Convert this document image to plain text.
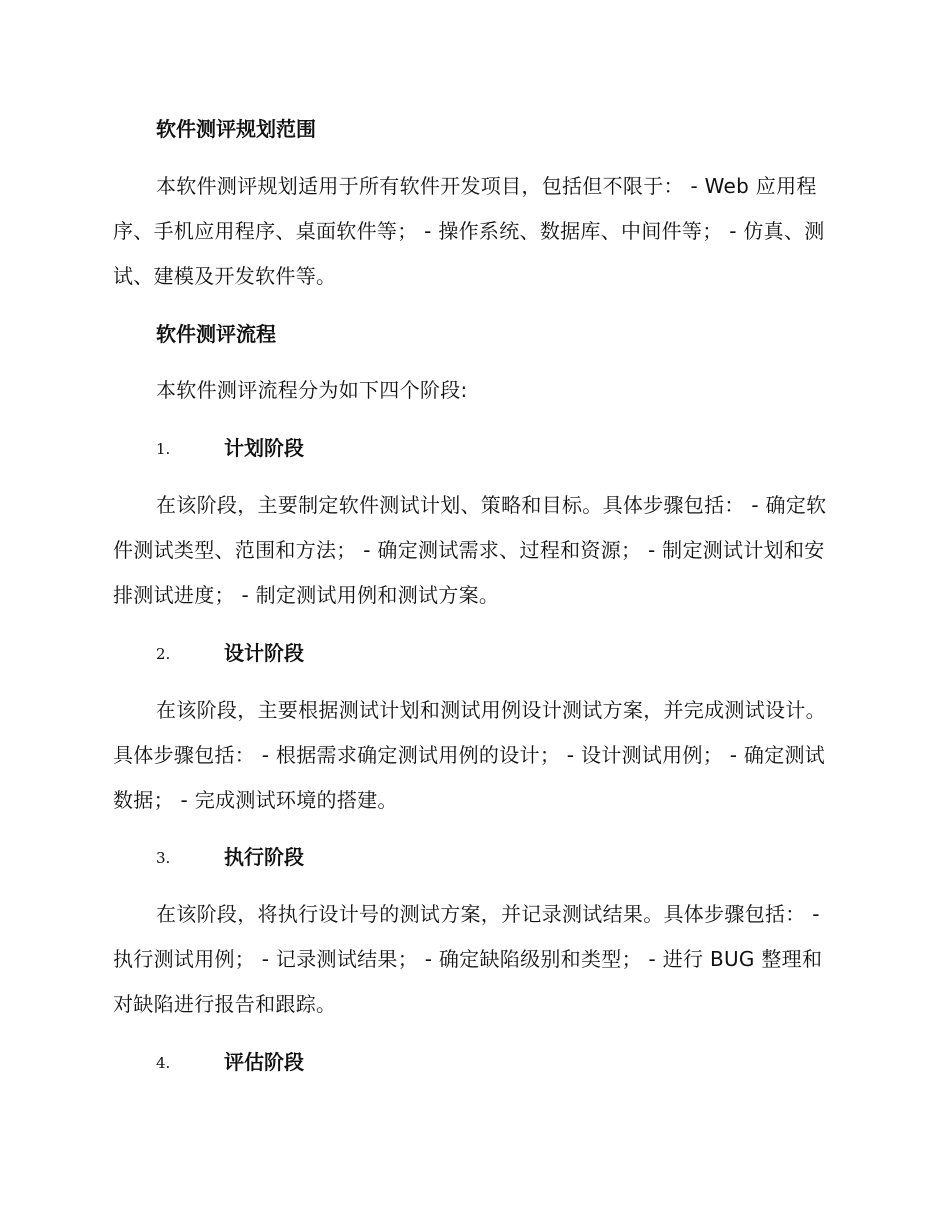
软件测评规划范围
本软件测评规划适用于所有软件开发项目，包括但不限于： - Web 应用程序、手机应用程序、桌面软件等； - 操作系统、数据库、中间件等； - 仿真、测试、建模及开发软件等。
软件测评流程
本软件测评流程分为如下四个阶段:
1.	计划阶段
在该阶段，主要制定软件测试计划、策略和目标。具体步骤包括： - 确定软件测试类型、范围和方法； - 确定测试需求、过程和资源； - 制定测试计划和安排测试进度； - 制定测试用例和测试方案。
2.	设计阶段
在该阶段，主要根据测试计划和测试用例设计测试方案，并完成测试设计。具体步骤包括： - 根据需求确定测试用例的设计； - 设计测试用例； - 确定测试数据； - 完成测试环境的搭建。
3.	执行阶段
在该阶段，将执行设计号的测试方案，并记录测试结果。具体步骤包括： - 执行测试用例； - 记录测试结果； - 确定缺陷级别和类型； - 进行 BUG 整理和对缺陷进行报告和跟踪。
4.	评估阶段
